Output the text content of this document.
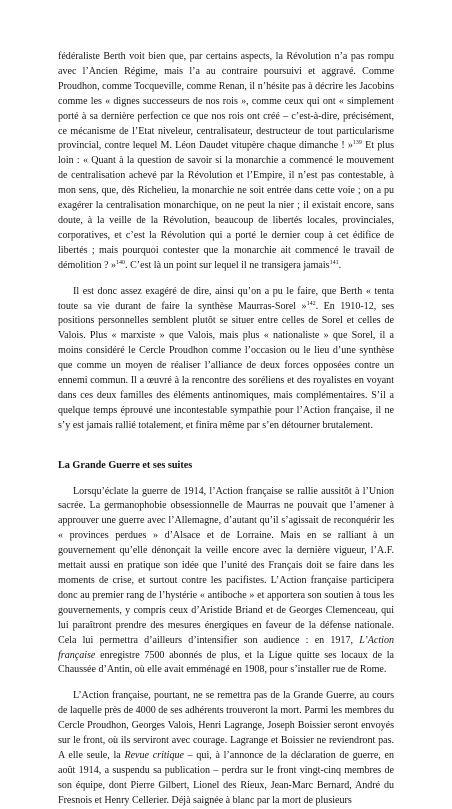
fédéraliste Berth voit bien que, par certains aspects, la Révolution n’a pas rompu avec l’Ancien Régime, mais l’a au contraire poursuivi et aggravé. Comme Proudhon, comme Tocqueville, comme Renan, il n’hésite pas à décrire les Jacobins comme les « dignes successeurs de nos rois », comme ceux qui ont « simplement porté à sa dernière perfection ce que nos rois ont créé – c’est-à-dire, précisément, ce mécanisme de l’Etat niveleur, centralisateur, destructeur de tout particularisme provincial, contre lequel M. Léon Daudet vitupère chaque dimanche ! »$^{139}$ Et plus loin : « Quant à la question de savoir si la monarchie a commencé le mouvement de centralisation achevé par la Révolution et l’Empire, il n’est pas contestable, à mon sens, que, dès Richelieu, la monarchie ne soit entrée dans cette voie ; on a pu exagérer la centralisation monarchique, on ne peut la nier ; il existait encore, sans doute, à la veille de la Révolution, beaucoup de libertés locales, provinciales, corporatives, et c’est la Révolution qui a porté le dernier coup à cet édifice de libertés ; mais pourquoi contester que la monarchie ait commencé le travail de démolition ? »$^{140}$. C’est là un point sur lequel il ne transigera jamais$^{141}$.

Il est donc assez exagéré de dire, ainsi qu’on a pu le faire, que Berth « tenta toute sa vie durant de faire la synthèse Maurras-Sorel »$^{142}$. En 1910-12, ses positions personnelles semblent plutôt se situer entre celles de Sorel et celles de Valois. Plus « marxiste » que Valois, mais plus « nationaliste » que Sorel, il a moins considéré le Cercle Proudhon comme l’occasion ou le lieu d’une synthèse que comme un moyen de réaliser l’alliance de deux forces opposées contre un ennemi commun. Il a œuvré à la rencontre des soréliens et des royalistes en voyant dans ces deux familles des éléments antinomiques, mais complémentaires. S’il a quelque temps éprouvé une incontestable sympathie pour l’Action française, il ne s’y est jamais rallié totalement, et finira même par s’en détourner brutalement.

La Grande Guerre et ses suites

Lorsqu’éclate la guerre de 1914, l’Action française se rallie aussitôt à l’Union sacrée. La germanophobie obsessionnelle de Maurras ne pouvait que l’amener à approuver une guerre avec l’Allemagne, d’autant qu’il s’agissait de reconquérir les « provinces perdues » d’Alsace et de Lorraine. Mais en se ralliant à un gouvernement qu’elle dénonçait la veille encore avec la dernière vigueur, l’A.F. mettait aussi en pratique son idée que l’unité des Français doit se faire dans les moments de crise, et surtout contre les pacifistes. L’Action française participera donc au premier rang de l’hystérie « antiboche » et apportera son soutien à tous les gouvernements, y compris ceux d’Aristide Briand et de Georges Clemenceau, qui lui paraîtront prendre des mesures énergiques en faveur de la défense nationale. Cela lui permettra d’ailleurs d’intensifier son audience : en 1917, L’Action française enregistre 7500 abonnés de plus, et la Ligue quitte ses locaux de la Chaussée d’Antin, où elle avait emménagé en 1908, pour s’installer rue de Rome.

L’Action française, pourtant, ne se remettra pas de la Grande Guerre, au cours de laquelle près de 4000 de ses adhérents trouveront la mort. Parmi les membres du Cercle Proudhon, Georges Valois, Henri Lagrange, Joseph Boissier seront envoyés sur le front, où ils serviront avec courage. Lagrange et Boissier ne reviendront pas. A elle seule, la Revue critique – qui, à l’annonce de la déclaration de guerre, en août 1914, a suspendu sa publication – perdra sur le front vingt-cinq membres de son équipe, dont Pierre Gilbert, Lionel des Rieux, Jean-Marc Bernard, André du Fresnois et Henry Cellerier. Déjà saignée à blanc par la mort de plusieurs
